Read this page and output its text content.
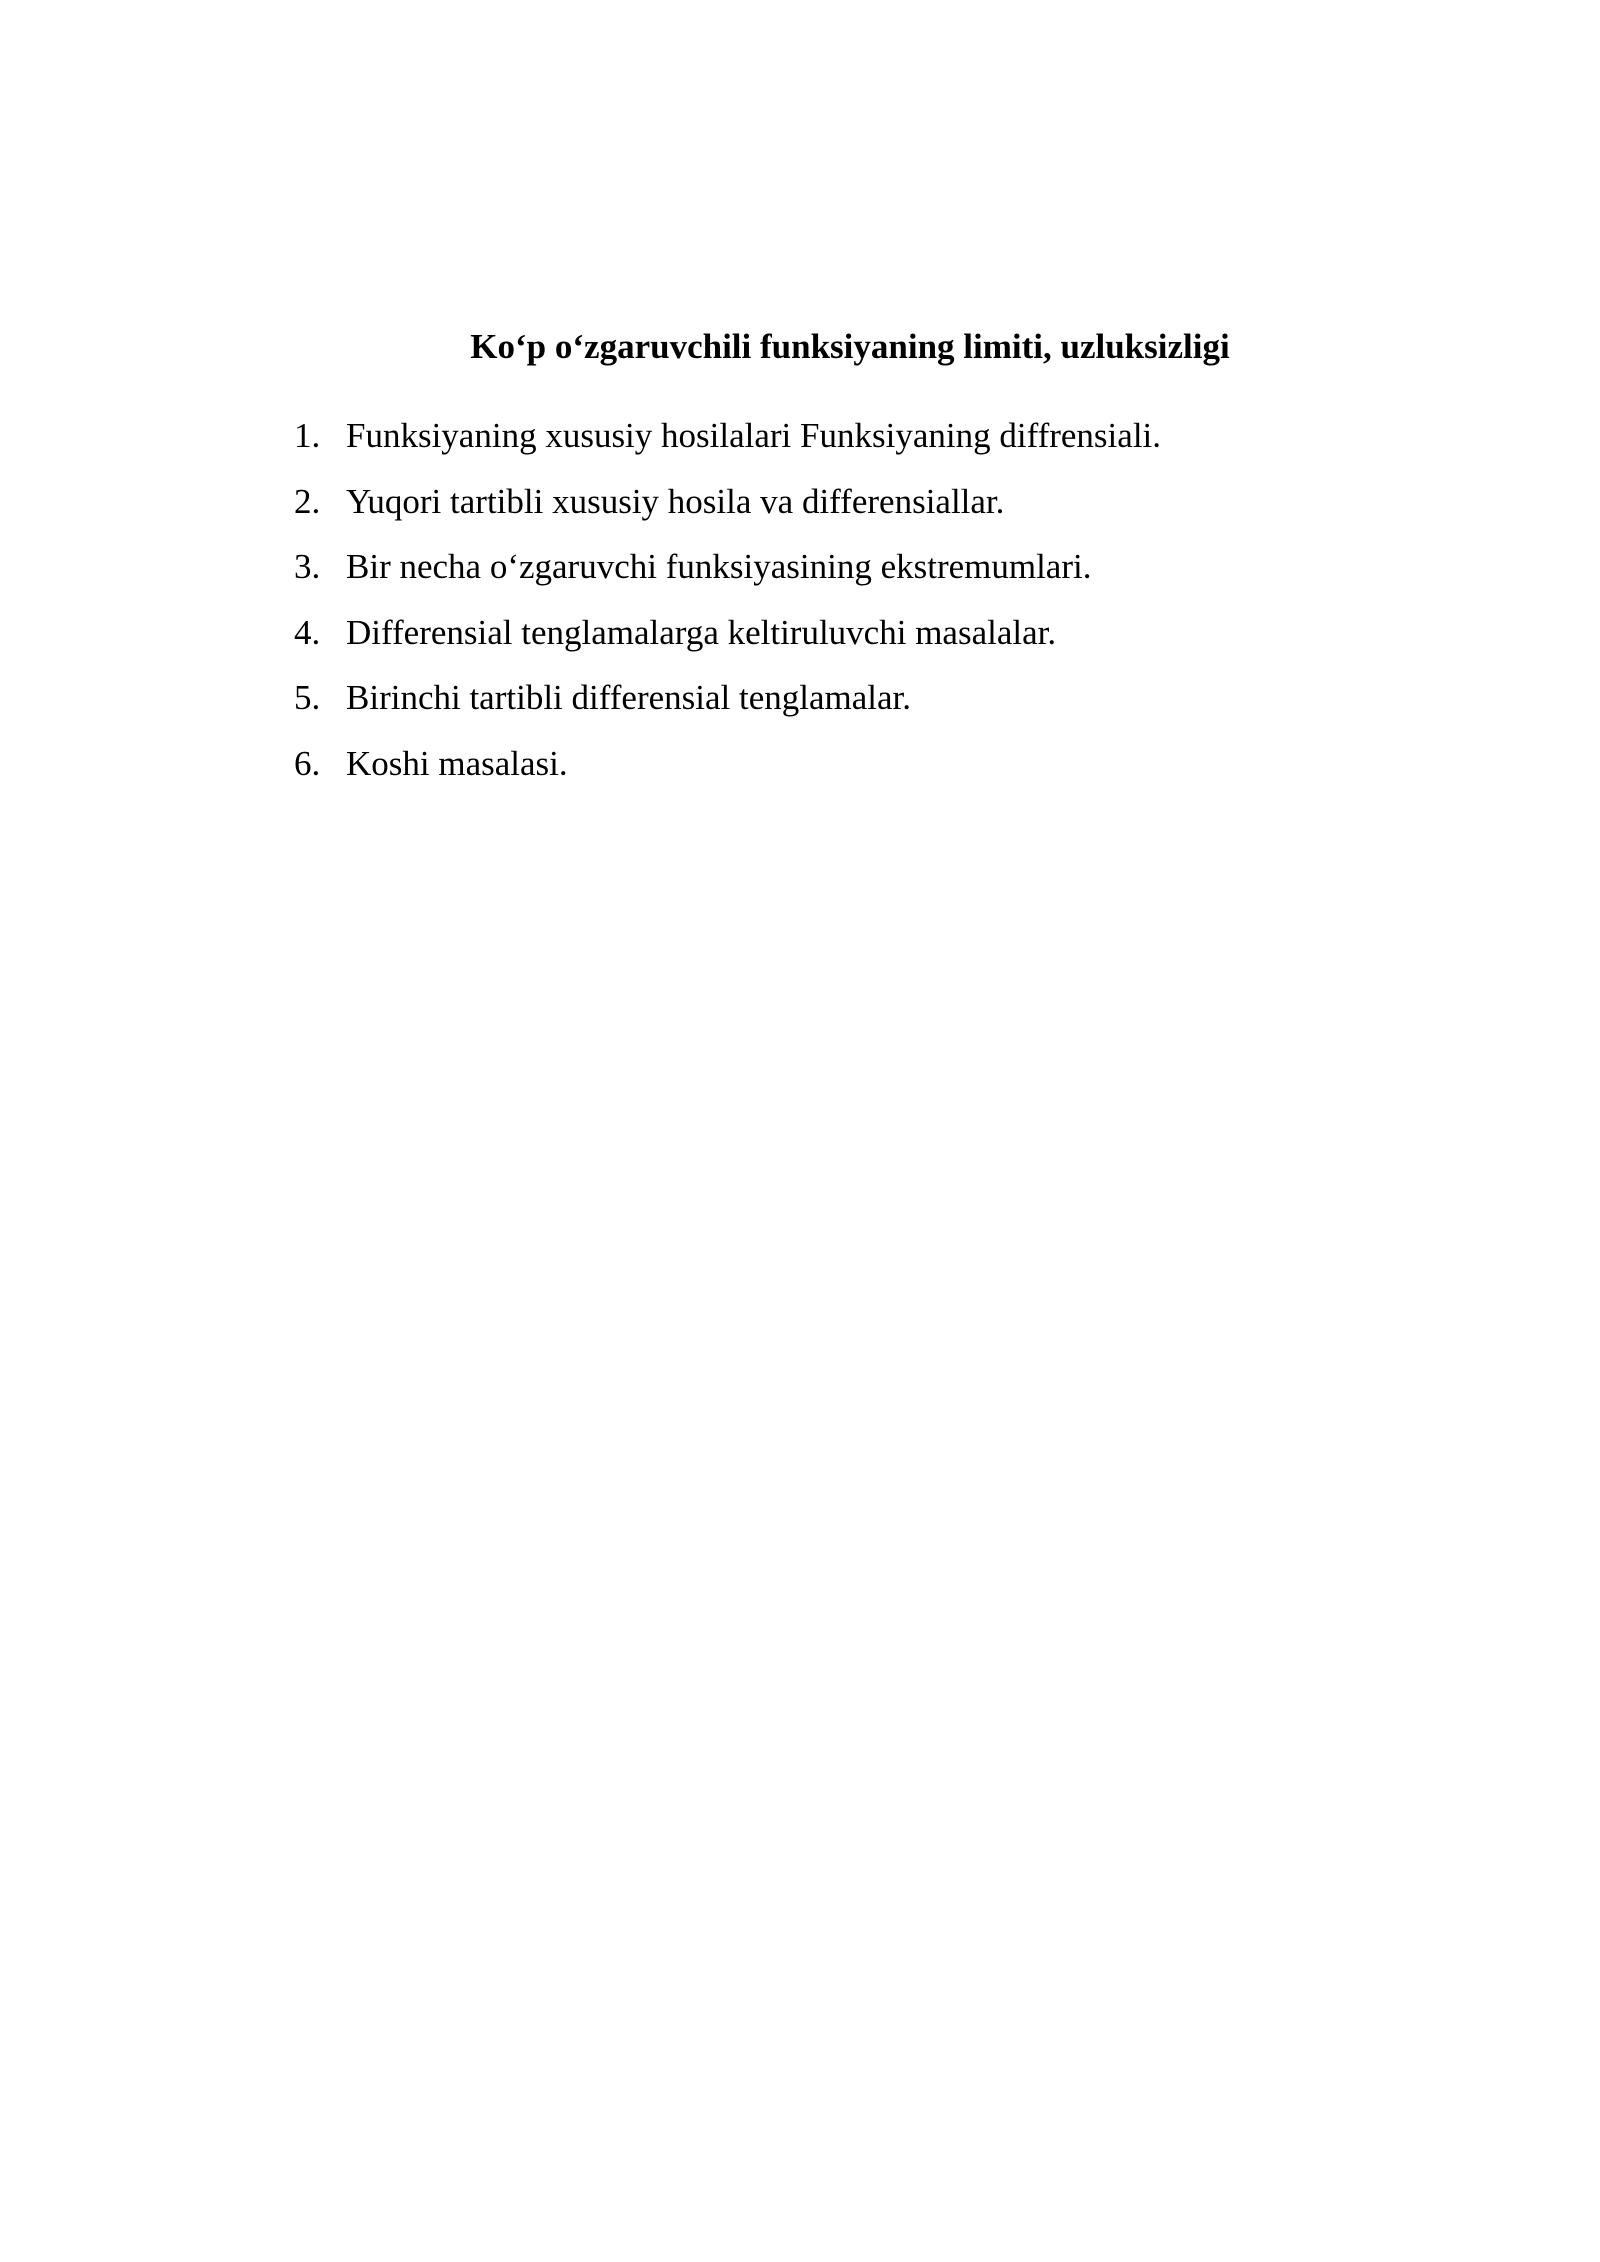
Ko‘p o‘zgaruvchili funksiyaning limiti, uzluksizligi
1. Funksiyaning xususiy hosilalari Funksiyaning diffrensiali.
2. Yuqori tartibli xususiy hosila va differensiallar.
3. Bir necha o‘zgaruvchi funksiyasining ekstremumlari.
4. Differensial tenglamalarga keltiruluvchi masalalar.
5. Birinchi tartibli differensial tenglamalar.
6. Koshi masalasi.
